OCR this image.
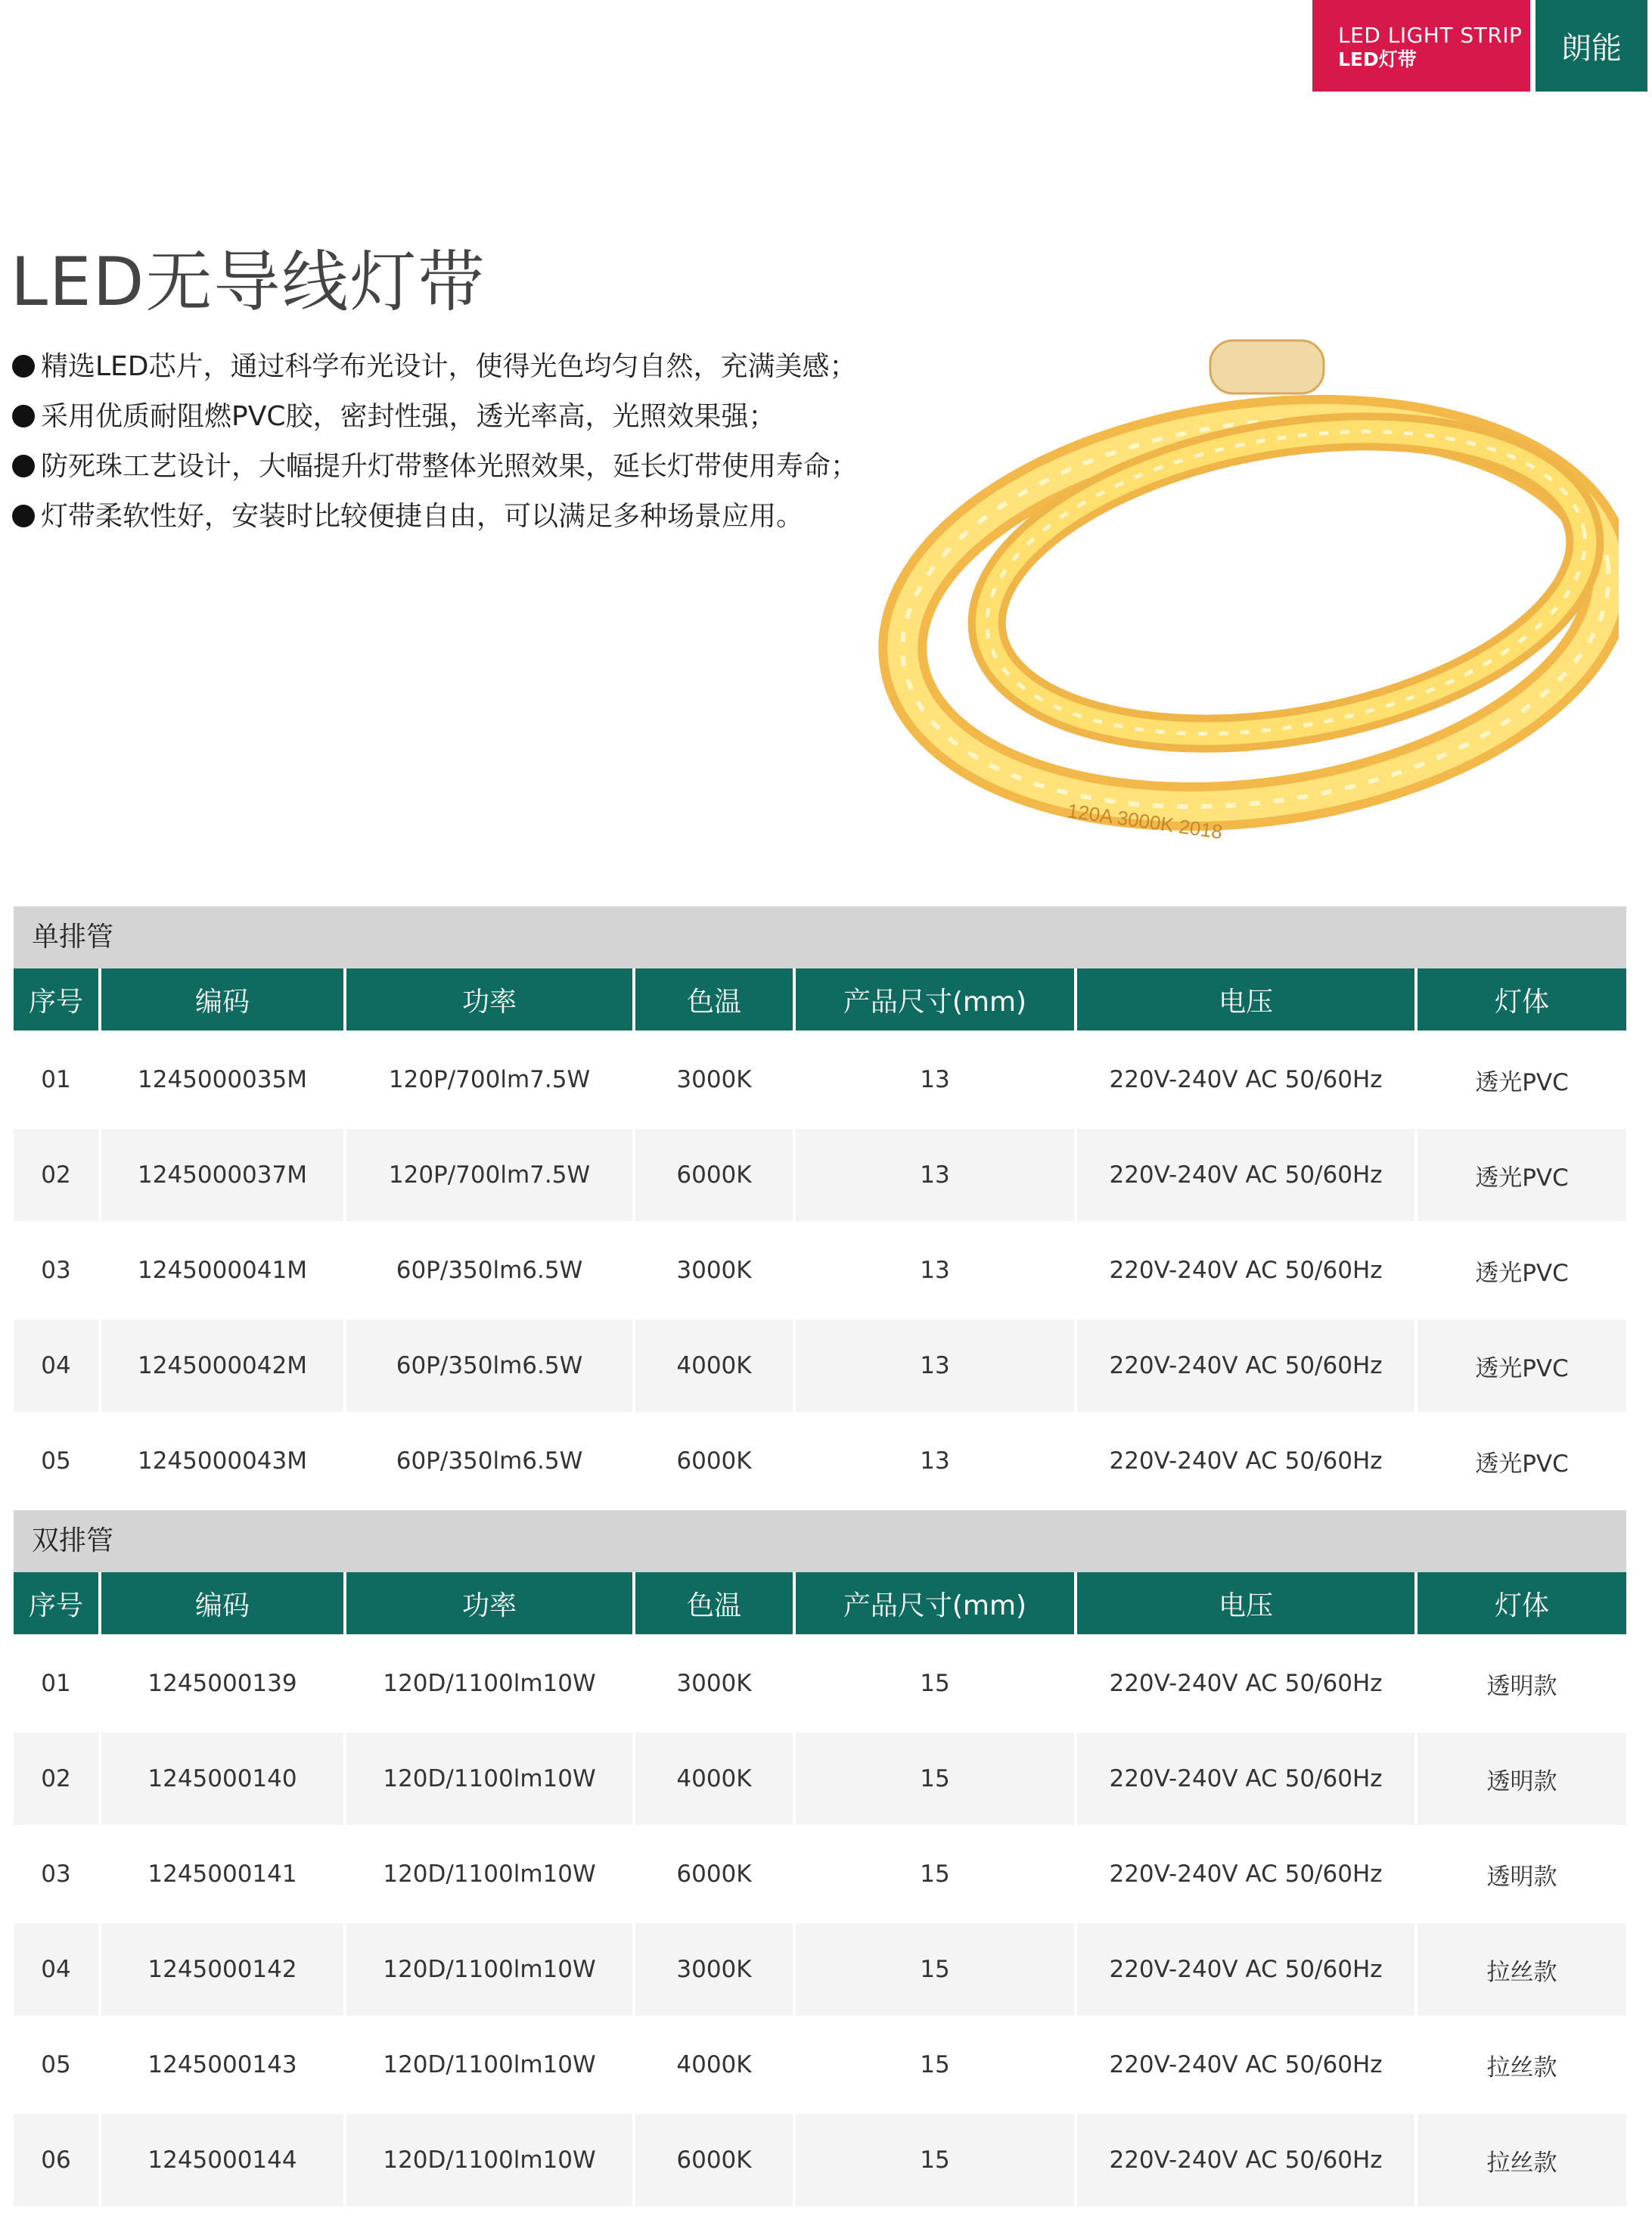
LED LIGHT STRIP
LED灯带	朗能
LED无导线灯带
精选LED芯片，通过科学布光设计，使得光色均匀自然，充满美感；
采用优质耐阻燃PVC胶，密封性强，透光率高，光照效果强；
防死珠工艺设计，大幅提升灯带整体光照效果，延长灯带使用寿命；
灯带柔软性好，安装时比较便捷自由，可以满足多种场景应用。
120A 3000K 2018
单排管
序号	编码	功率	色温	产品尺寸(mm)	电压	灯体
01	1245000035M	120P/700lm7.5W	3000K	13	220V-240V AC 50/60Hz	透光PVC
02	1245000037M	120P/700lm7.5W	6000K	13	220V-240V AC 50/60Hz	透光PVC
03	1245000041M	60P/350lm6.5W	3000K	13	220V-240V AC 50/60Hz	透光PVC
04	1245000042M	60P/350lm6.5W	4000K	13	220V-240V AC 50/60Hz	透光PVC
05	1245000043M	60P/350lm6.5W	6000K	13	220V-240V AC 50/60Hz	透光PVC
双排管
序号	编码	功率	色温	产品尺寸(mm)	电压	灯体
01	1245000139	120D/1100lm10W	3000K	15	220V-240V AC 50/60Hz	透明款
02	1245000140	120D/1100lm10W	4000K	15	220V-240V AC 50/60Hz	透明款
03	1245000141	120D/1100lm10W	6000K	15	220V-240V AC 50/60Hz	透明款
04	1245000142	120D/1100lm10W	3000K	15	220V-240V AC 50/60Hz	拉丝款
05	1245000143	120D/1100lm10W	4000K	15	220V-240V AC 50/60Hz	拉丝款
06	1245000144	120D/1100lm10W	6000K	15	220V-240V AC 50/60Hz	拉丝款
